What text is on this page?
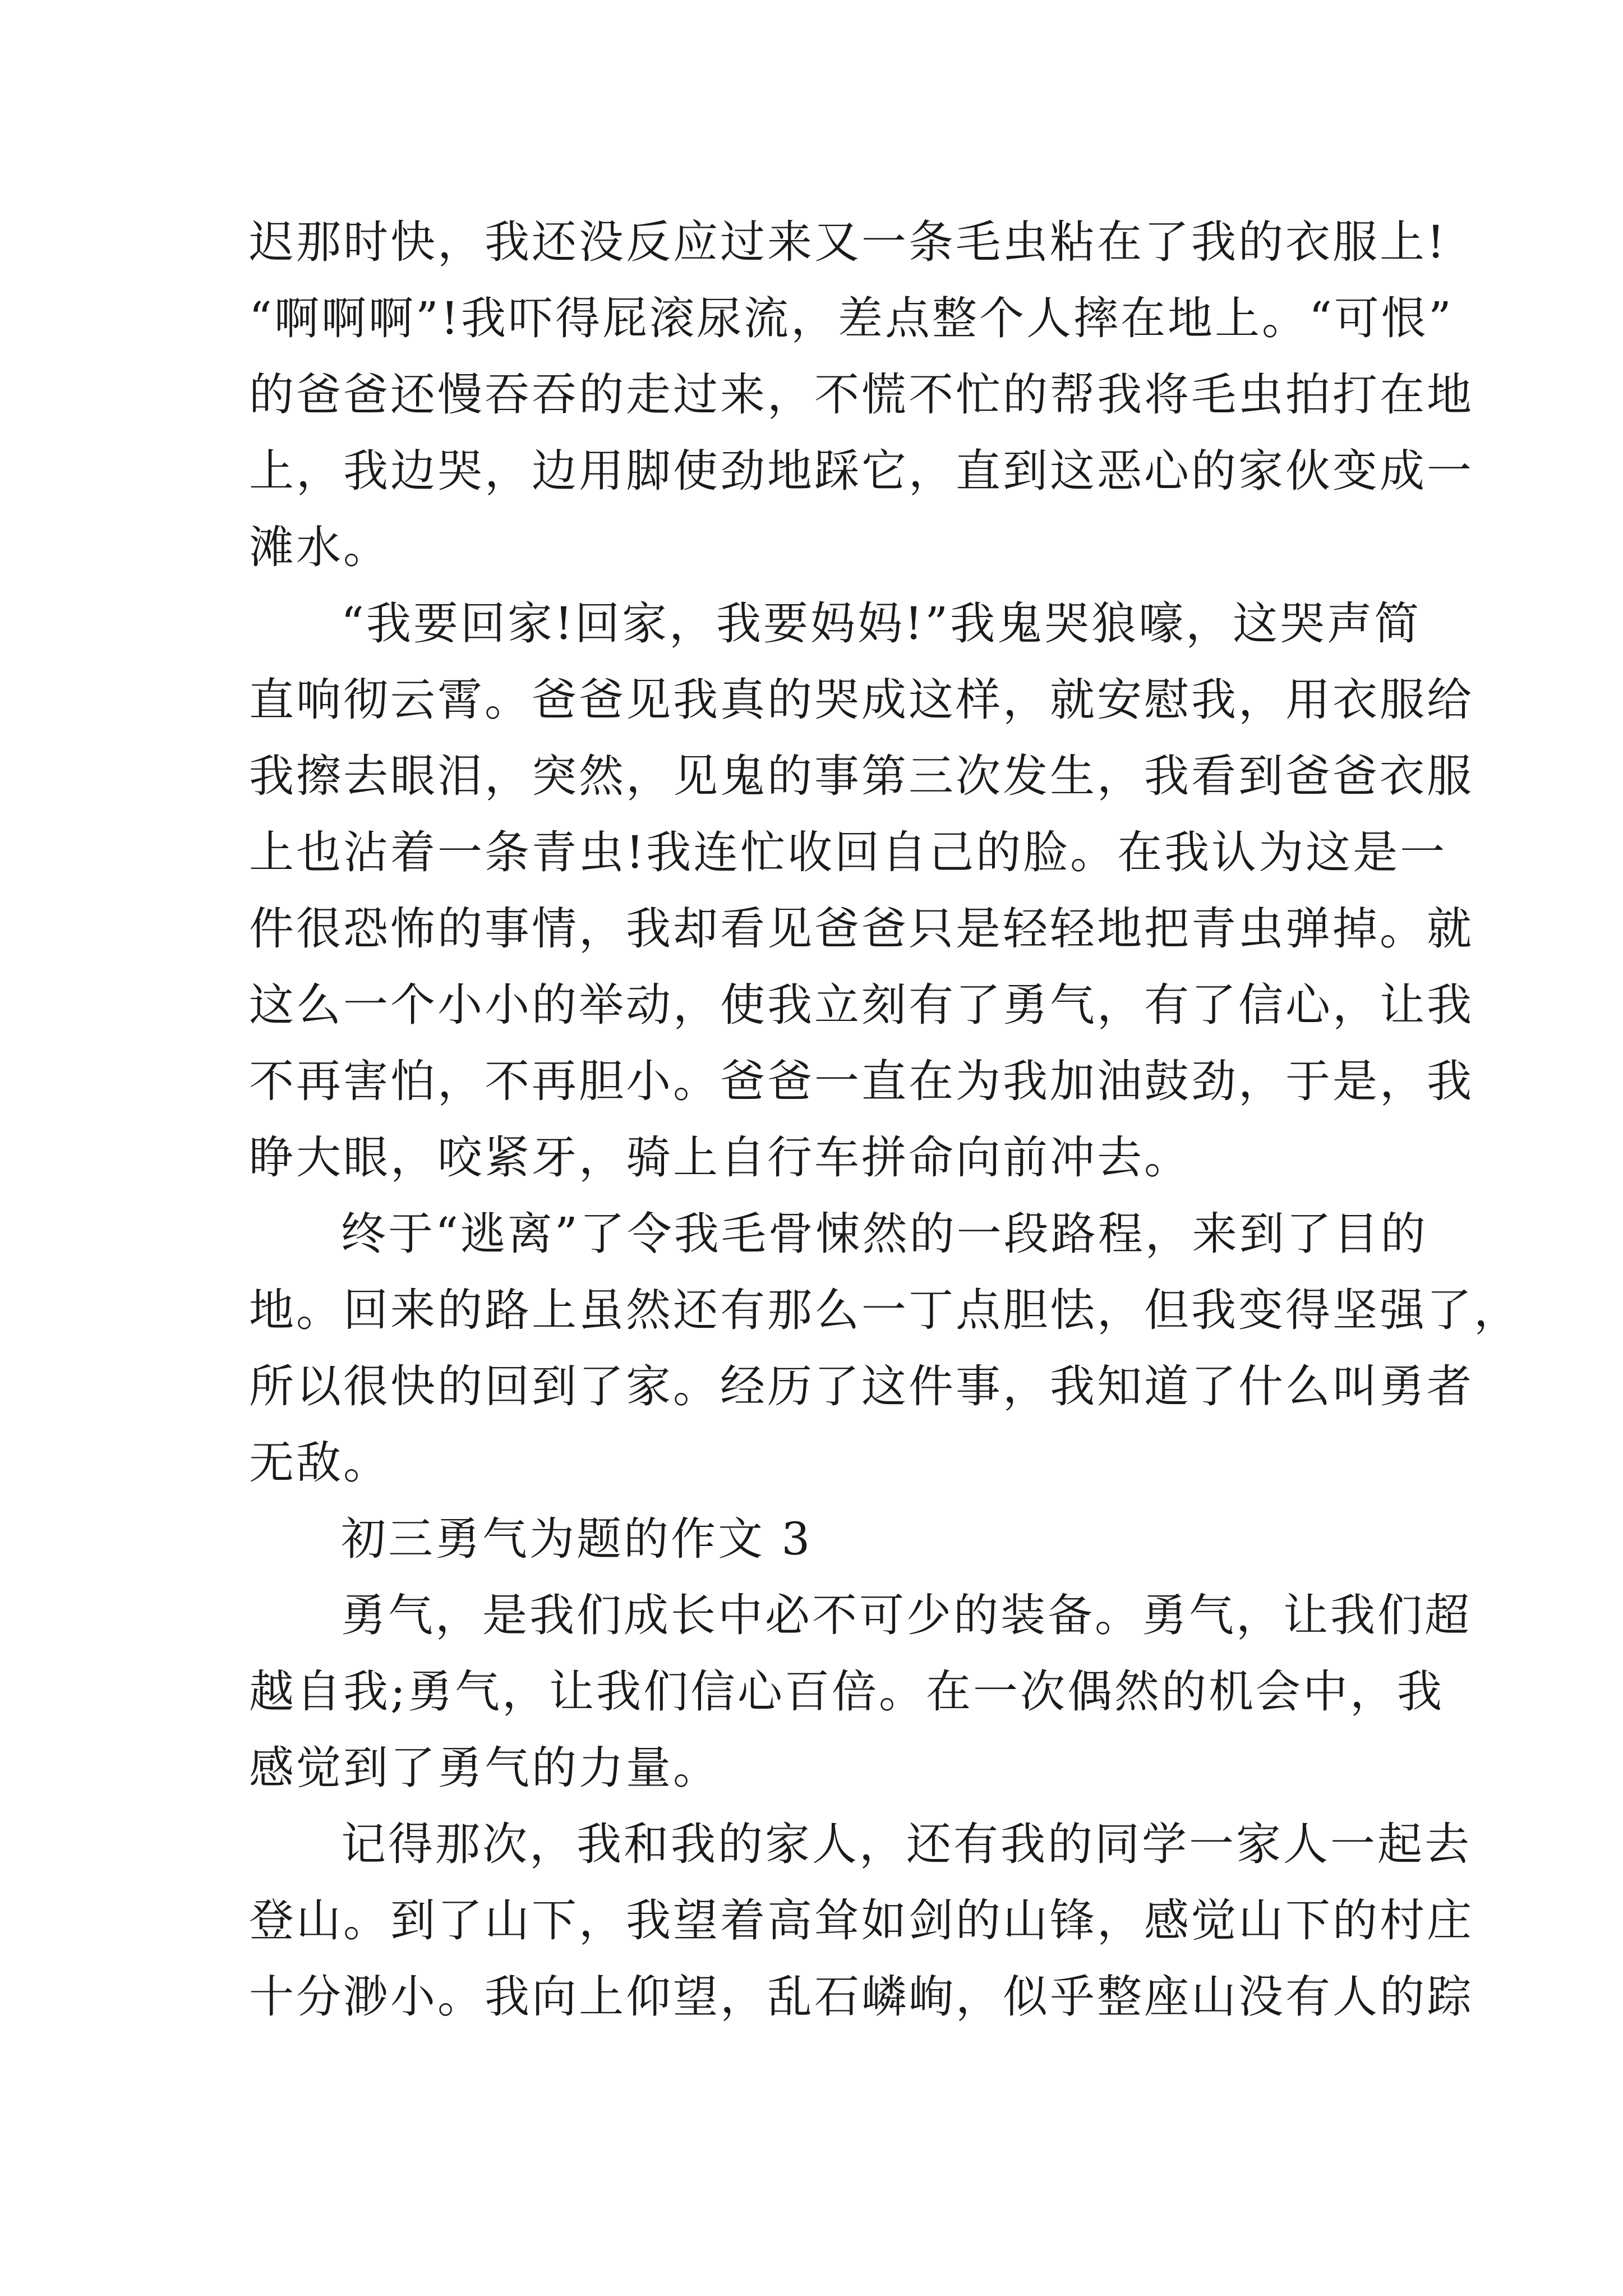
迟那时快，我还没反应过来又一条毛虫粘在了我的衣服上!
“啊啊啊”!我吓得屁滚尿流，差点整个人摔在地上。“可恨”
的爸爸还慢吞吞的走过来，不慌不忙的帮我将毛虫拍打在地
上，我边哭，边用脚使劲地踩它，直到这恶心的家伙变成一
滩水。
“我要回家!回家，我要妈妈!”我鬼哭狼嚎，这哭声简
直响彻云霄。爸爸见我真的哭成这样，就安慰我，用衣服给
我擦去眼泪，突然，见鬼的事第三次发生，我看到爸爸衣服
上也沾着一条青虫!我连忙收回自己的脸。在我认为这是一
件很恐怖的事情，我却看见爸爸只是轻轻地把青虫弹掉。就
这么一个小小的举动，使我立刻有了勇气，有了信心，让我
不再害怕，不再胆小。爸爸一直在为我加油鼓劲，于是，我
睁大眼，咬紧牙，骑上自行车拼命向前冲去。
终于“逃离”了令我毛骨悚然的一段路程，来到了目的
地。回来的路上虽然还有那么一丁点胆怯，但我变得坚强了，
所以很快的回到了家。经历了这件事，我知道了什么叫勇者
无敌。
初三勇气为题的作文 3
勇气，是我们成长中必不可少的装备。勇气，让我们超
越自我;勇气，让我们信心百倍。在一次偶然的机会中，我
感觉到了勇气的力量。
记得那次，我和我的家人，还有我的同学一家人一起去
登山。到了山下，我望着高耸如剑的山锋，感觉山下的村庄
十分渺小。我向上仰望，乱石嶙峋，似乎整座山没有人的踪
